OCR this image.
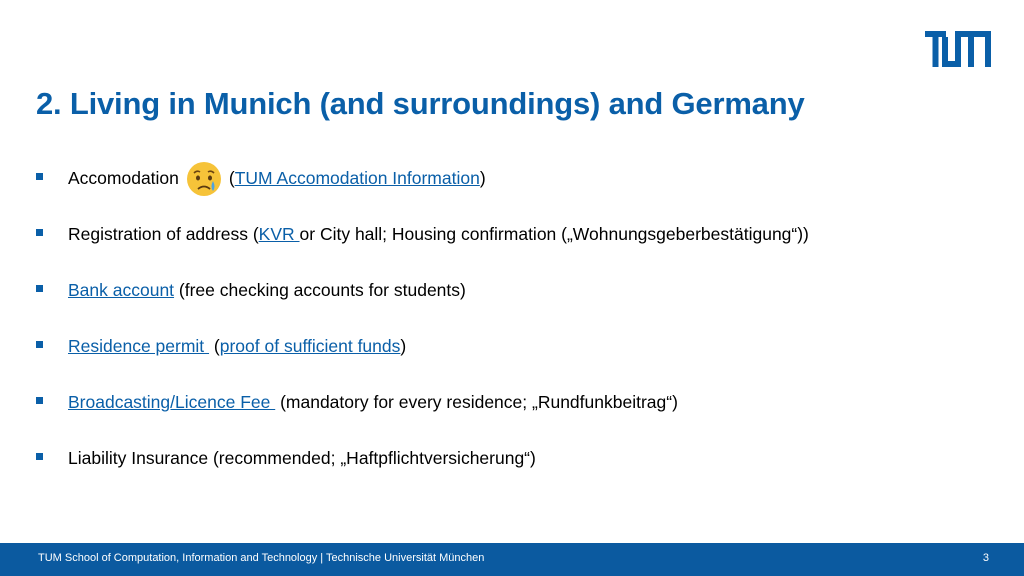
2. Living in Munich (and surroundings) and Germany
Accomodation	( TUM Accomodation Information )
Registration of address ( KVR or City hall; Housing confirmation („Wohnungsgeberbestätigung“))
Bank account (free checking accounts for students)
Residence permit ( proof of sufficient funds )
Broadcasting/Licence Fee (mandatory for every residence; „Rundfunkbeitrag“)
Liability Insurance (recommended; „Haftpflichtversicherung“)
TUM School of Computation, Information and Technology | Technische Universität München	3
